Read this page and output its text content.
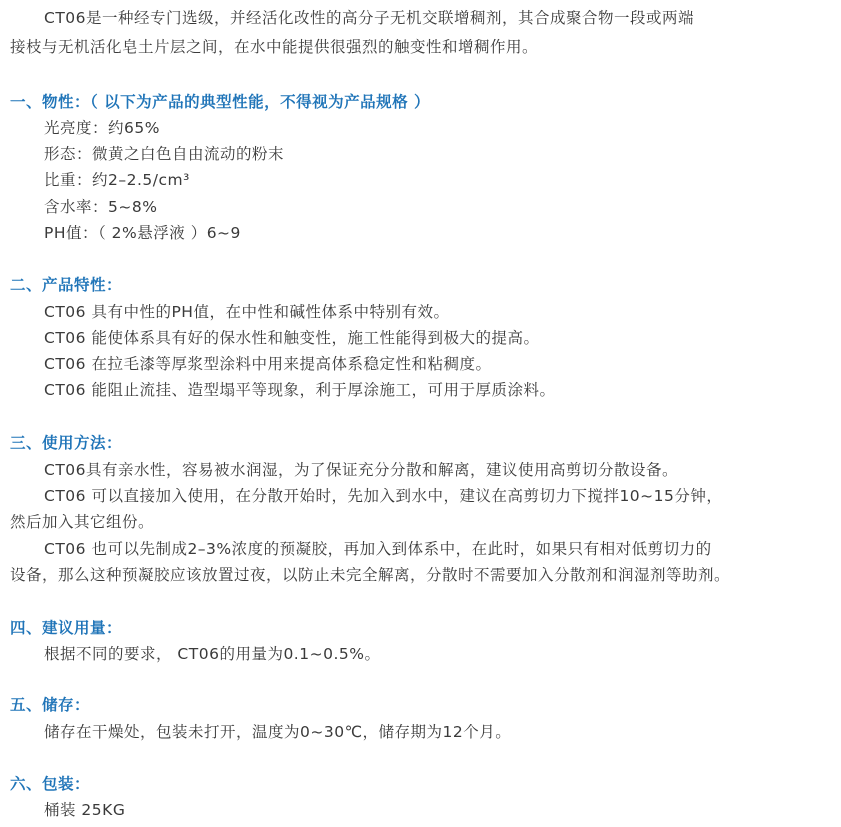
CT06是一种经专门选级，并经活化改性的高分子无机交联增稠剂，其合成聚合物一段或两端
接枝与无机活化皂土片层之间，在水中能提供很强烈的触变性和增稠作用。
一、物性：（ 以下为产品的典型性能，不得视为产品规格 ）
光亮度：约65%
形态：微黄之白色自由流动的粉末
比重：约2–2.5/cm³
含水率：5~8%
PH值：（ 2%悬浮液 ）6~9
二、产品特性：
CT06 具有中性的PH值，在中性和碱性体系中特别有效。
CT06 能使体系具有好的保水性和触变性，施工性能得到极大的提高。
CT06 在拉毛漆等厚浆型涂料中用来提高体系稳定性和粘稠度。
CT06 能阻止流挂、造型塌平等现象，利于厚涂施工，可用于厚质涂料。
三、使用方法：
CT06具有亲水性，容易被水润湿，为了保证充分分散和解离，建议使用高剪切分散设备。
CT06 可以直接加入使用，在分散开始时，先加入到水中，建议在高剪切力下搅拌10~15分钟，
然后加入其它组份。
CT06 也可以先制成2–3%浓度的预凝胶，再加入到体系中，在此时，如果只有相对低剪切力的
设备，那么这种预凝胶应该放置过夜，以防止未完全解离，分散时不需要加入分散剂和润湿剂等助剂。
四、建议用量：
根据不同的要求， CT06的用量为0.1~0.5%。
五、储存：
储存在干燥处，包装未打开，温度为0~30℃，储存期为12个月。
六、包装：
桶装 25KG
